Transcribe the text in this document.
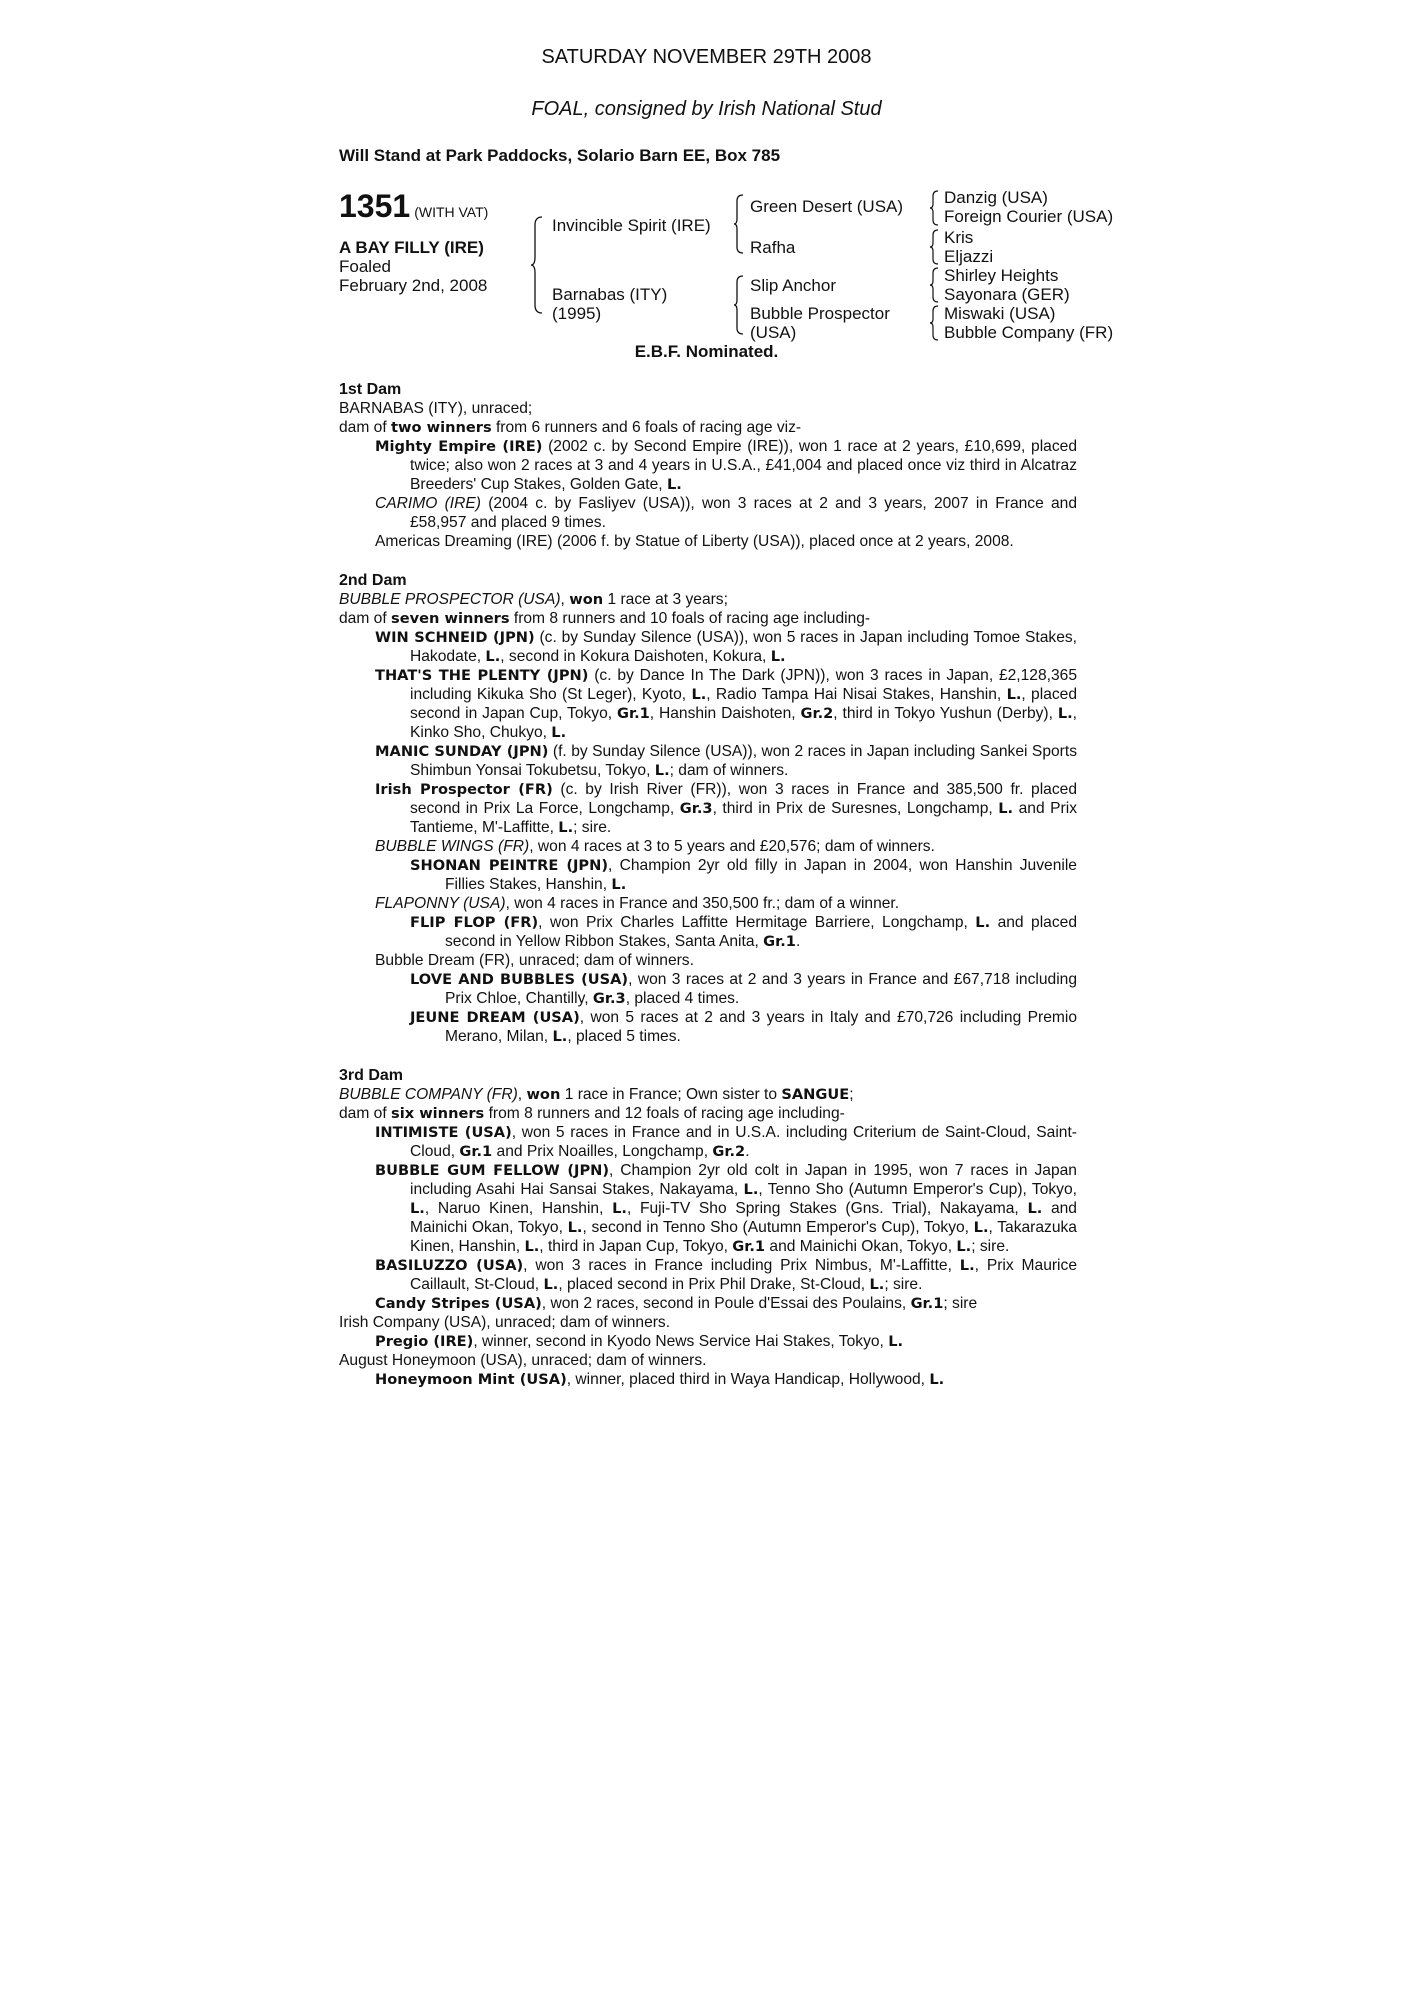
SATURDAY NOVEMBER 29TH 2008
FOAL, consigned by Irish National Stud
Will Stand at Park Paddocks, Solario Barn EE, Box 785
1351 (WITH VAT)
A BAY FILLY (IRE)
Foaled
February 2nd, 2008
Invincible Spirit (IRE)
Barnabas (ITY)
(1995)
Green Desert (USA)
Rafha
Slip Anchor
Bubble Prospector
(USA)
Danzig (USA)
Foreign Courier (USA)
Kris
Eljazzi
Shirley Heights
Sayonara (GER)
Miswaki (USA)
Bubble Company (FR)
E.B.F. Nominated.
1st Dam
BARNABAS (ITY), unraced;
dam of two winners from 6 runners and 6 foals of racing age viz-
Mighty Empire (IRE) (2002 c. by Second Empire (IRE)), won 1 race at 2 years, £10,699, placed twice; also won 2 races at 3 and 4 years in U.S.A., £41,004 and placed once viz third in Alcatraz Breeders' Cup Stakes, Golden Gate, L.
CARIMO (IRE) (2004 c. by Fasliyev (USA)), won 3 races at 2 and 3 years, 2007 in France and £58,957 and placed 9 times.
Americas Dreaming (IRE) (2006 f. by Statue of Liberty (USA)), placed once at 2 years, 2008.
2nd Dam
BUBBLE PROSPECTOR (USA), won 1 race at 3 years;
dam of seven winners from 8 runners and 10 foals of racing age including-
WIN SCHNEID (JPN) (c. by Sunday Silence (USA)), won 5 races in Japan including Tomoe Stakes, Hakodate, L., second in Kokura Daishoten, Kokura, L.
THAT'S THE PLENTY (JPN) (c. by Dance In The Dark (JPN)), won 3 races in Japan, £2,128,365 including Kikuka Sho (St Leger), Kyoto, L., Radio Tampa Hai Nisai Stakes, Hanshin, L., placed second in Japan Cup, Tokyo, Gr.1, Hanshin Daishoten, Gr.2, third in Tokyo Yushun (Derby), L., Kinko Sho, Chukyo, L.
MANIC SUNDAY (JPN) (f. by Sunday Silence (USA)), won 2 races in Japan including Sankei Sports Shimbun Yonsai Tokubetsu, Tokyo, L.; dam of winners.
Irish Prospector (FR) (c. by Irish River (FR)), won 3 races in France and 385,500 fr. placed second in Prix La Force, Longchamp, Gr.3, third in Prix de Suresnes, Longchamp, L. and Prix Tantieme, M'-Laffitte, L.; sire.
BUBBLE WINGS (FR), won 4 races at 3 to 5 years and £20,576; dam of winners.
SHONAN PEINTRE (JPN), Champion 2yr old filly in Japan in 2004, won Hanshin Juvenile Fillies Stakes, Hanshin, L.
FLAPONNY (USA), won 4 races in France and 350,500 fr.; dam of a winner.
FLIP FLOP (FR), won Prix Charles Laffitte Hermitage Barriere, Longchamp, L. and placed second in Yellow Ribbon Stakes, Santa Anita, Gr.1.
Bubble Dream (FR), unraced; dam of winners.
LOVE AND BUBBLES (USA), won 3 races at 2 and 3 years in France and £67,718 including Prix Chloe, Chantilly, Gr.3, placed 4 times.
JEUNE DREAM (USA), won 5 races at 2 and 3 years in Italy and £70,726 including Premio Merano, Milan, L., placed 5 times.
3rd Dam
BUBBLE COMPANY (FR), won 1 race in France; Own sister to SANGUE;
dam of six winners from 8 runners and 12 foals of racing age including-
INTIMISTE (USA), won 5 races in France and in U.S.A. including Criterium de Saint-Cloud, Saint-Cloud, Gr.1 and Prix Noailles, Longchamp, Gr.2.
BUBBLE GUM FELLOW (JPN), Champion 2yr old colt in Japan in 1995, won 7 races in Japan including Asahi Hai Sansai Stakes, Nakayama, L., Tenno Sho (Autumn Emperor's Cup), Tokyo, L., Naruo Kinen, Hanshin, L., Fuji-TV Sho Spring Stakes (Gns. Trial), Nakayama, L. and Mainichi Okan, Tokyo, L., second in Tenno Sho (Autumn Emperor's Cup), Tokyo, L., Takarazuka Kinen, Hanshin, L., third in Japan Cup, Tokyo, Gr.1 and Mainichi Okan, Tokyo, L.; sire.
BASILUZZO (USA), won 3 races in France including Prix Nimbus, M'-Laffitte, L., Prix Maurice Caillault, St-Cloud, L., placed second in Prix Phil Drake, St-Cloud, L.; sire.
Candy Stripes (USA), won 2 races, second in Poule d'Essai des Poulains, Gr.1; sire
Irish Company (USA), unraced; dam of winners.
Pregio (IRE), winner, second in Kyodo News Service Hai Stakes, Tokyo, L.
August Honeymoon (USA), unraced; dam of winners.
Honeymoon Mint (USA), winner, placed third in Waya Handicap, Hollywood, L.
